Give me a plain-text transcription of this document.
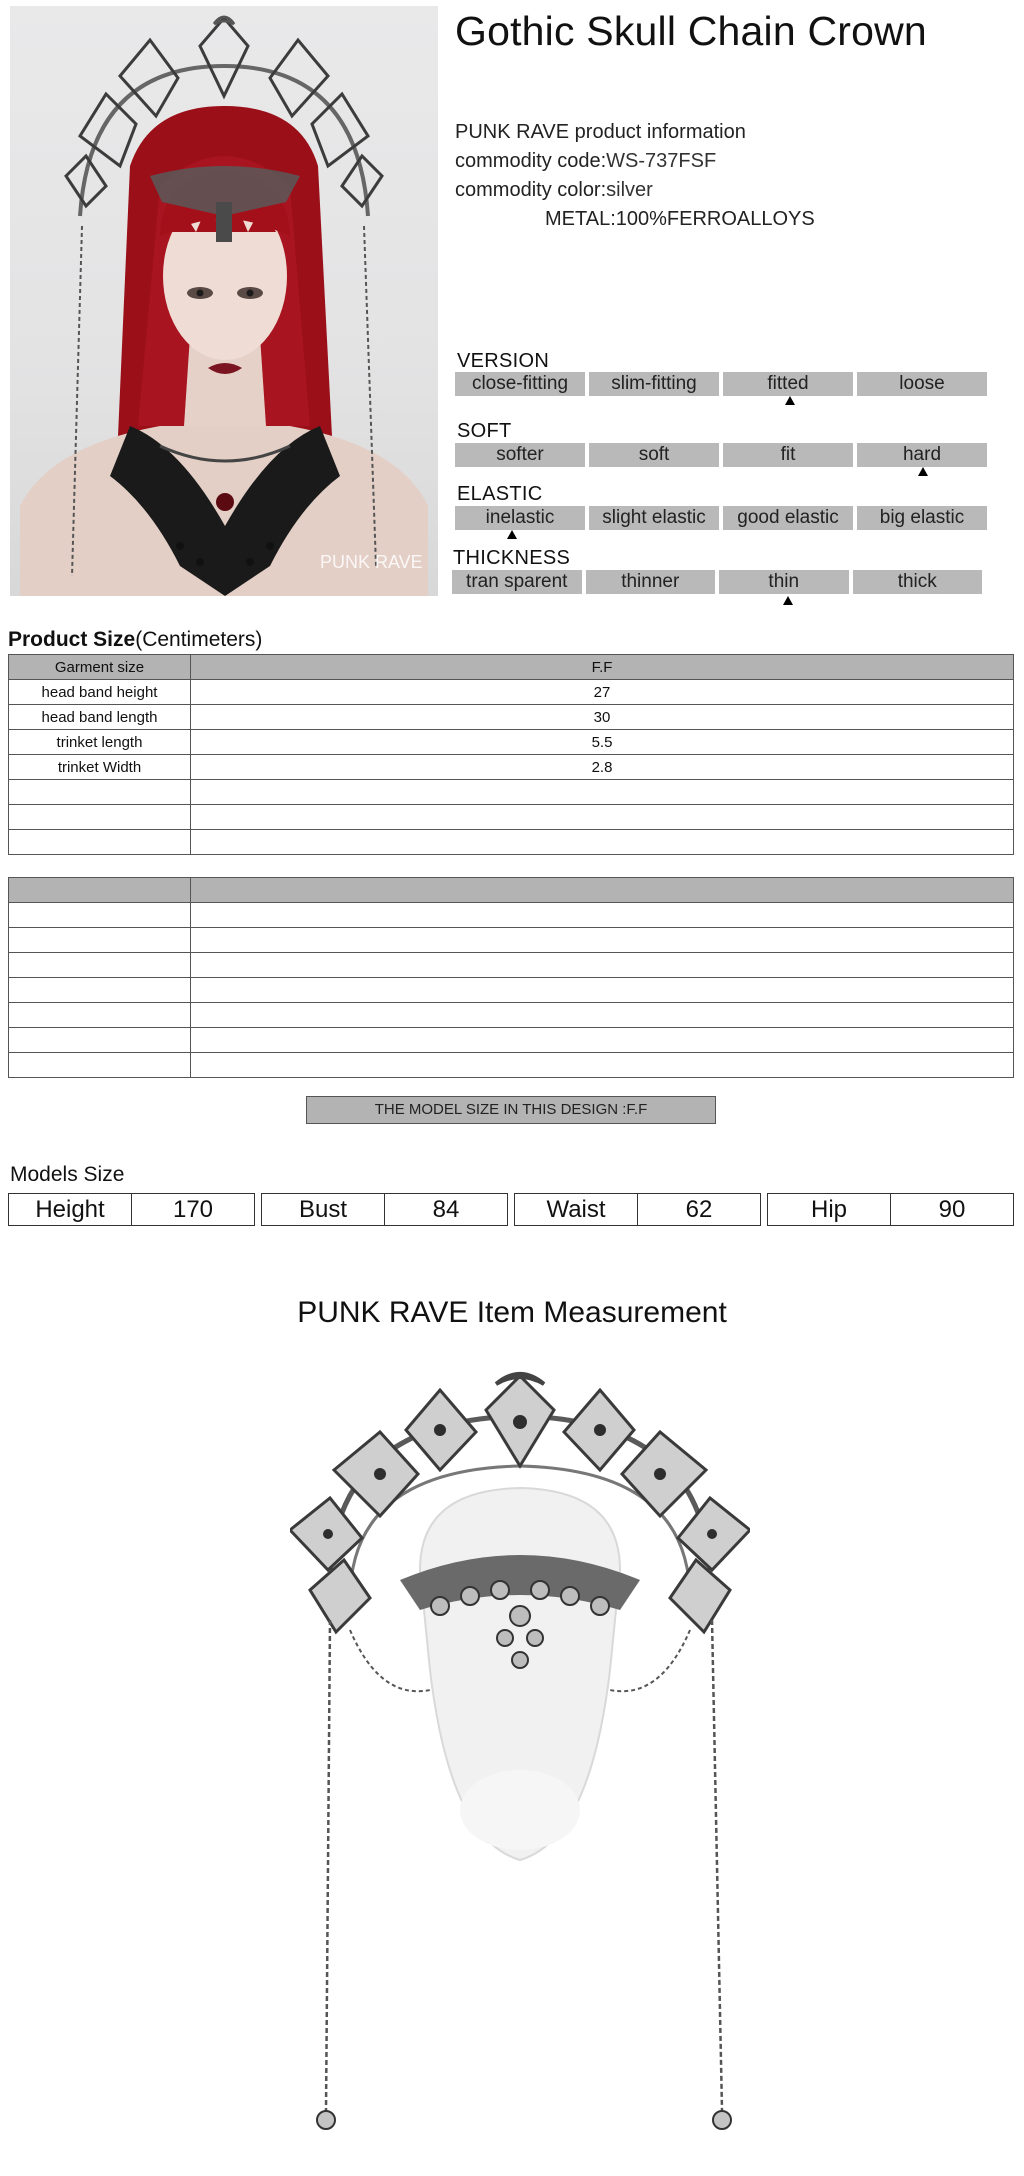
Gothic Skull Chain Crown
PUNK RAVE product information
commodity code:WS-737FSF
commodity color:silver
METAL:100%FERROALLOYS
PUNK RAVE
VERSION
close-fitting	slim-fitting	fitted	loose
SOFT
softer	soft	fit	hard
ELASTIC
inelastic	slight elastic	good elastic	big elastic
THICKNESS
tran sparent	thinner	thin	thick
Product Size(Centimeters)
Garment size	F.F
head band height	27
head band length	30
trinket length	5.5
trinket Width	2.8

THE MODEL SIZE IN THIS DESIGN :F.F
Models Size
Height	170	Bust	84	Waist	62	Hip	90
PUNK RAVE Item Measurement
